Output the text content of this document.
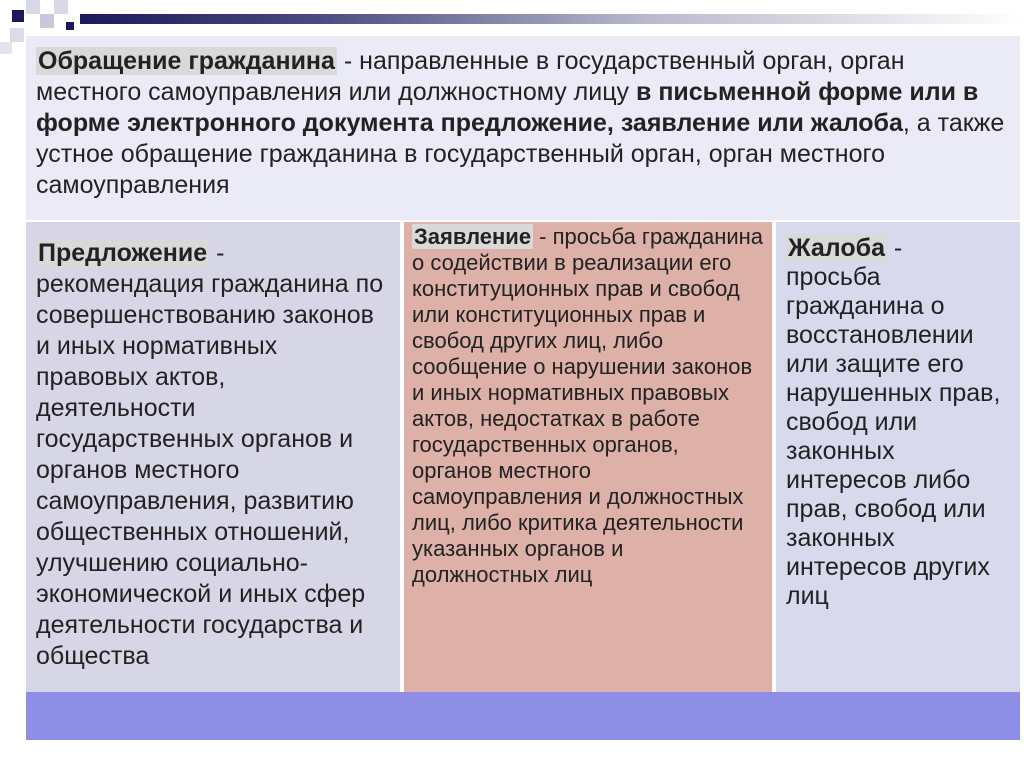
Обращение гражданина - направленные в государственный орган, орган местного самоуправления или должностному лицу в письменной форме или в форме электронного документа предложение, заявление или жалоба, а также устное обращение гражданина в государственный орган, орган местного самоуправления
Предложение -
рекомендация гражданина по совершенствованию законов и иных нормативных правовых актов, деятельности государственных органов и органов местного самоуправления, развитию общественных отношений, улучшению социально-экономической и иных сфер деятельности государства и общества
Заявление - просьба гражданина о содействии в реализации его конституционных прав и свобод или конституционных прав и свобод других лиц, либо сообщение о нарушении законов и иных нормативных правовых актов, недостатках в работе государственных органов, органов местного самоуправления и должностных лиц, либо критика деятельности указанных органов и должностных лиц
Жалоба -
просьба гражданина о восстановлении или защите его нарушенных прав, свобод или законных интересов либо прав, свобод или законных интересов других лиц
